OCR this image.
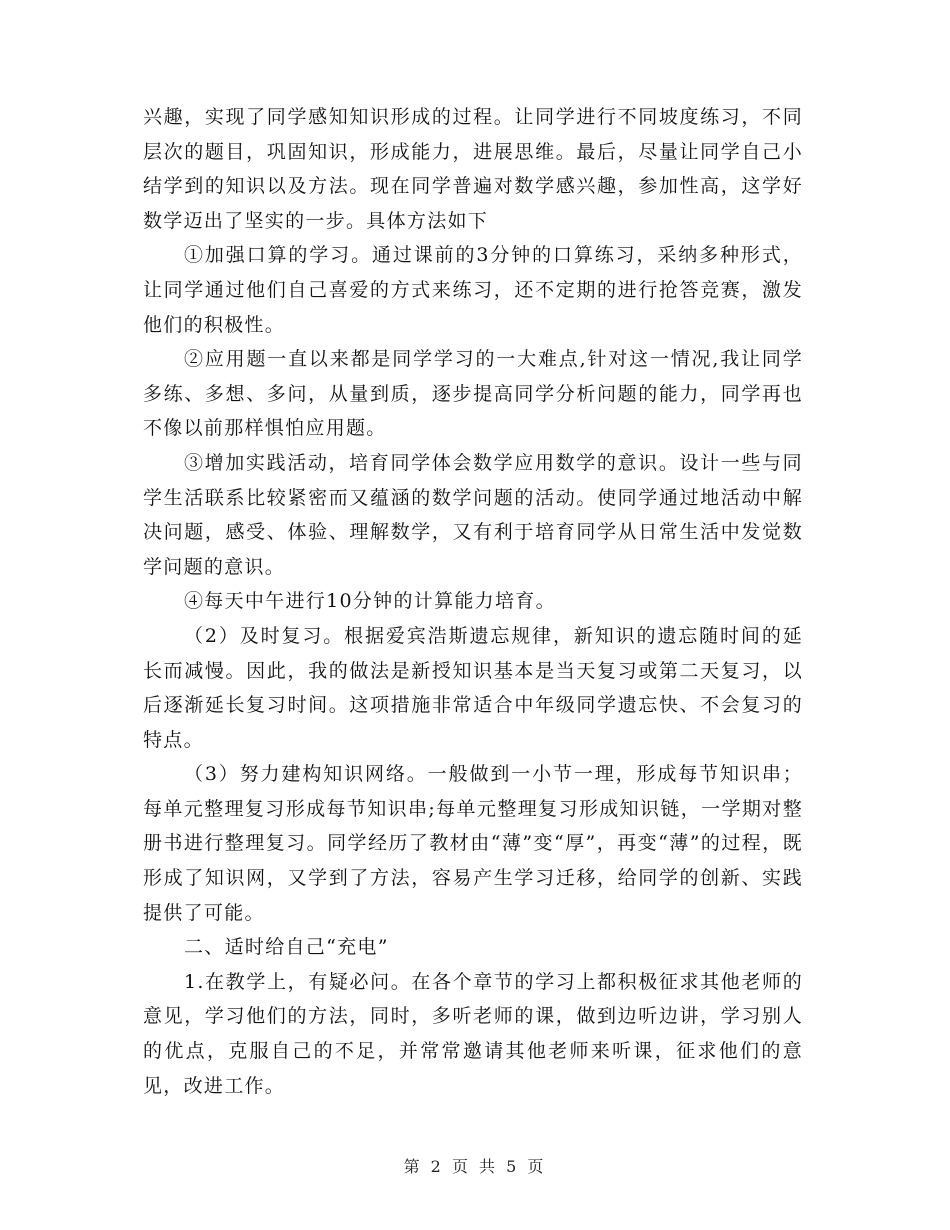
兴趣，实现了同学感知知识形成的过程。让同学进行不同坡度练习，不同层次的题目，巩固知识，形成能力，进展思维。最后，尽量让同学自己小结学到的知识以及方法。现在同学普遍对数学感兴趣，参加性高，这学好数学迈出了坚实的一步。具体方法如下

①加强口算的学习。通过课前的3分钟的口算练习，采纳多种形式，让同学通过他们自己喜爱的方式来练习，还不定期的进行抢答竞赛，激发他们的积极性。

②应用题一直以来都是同学学习的一大难点,针对这一情况,我让同学多练、多想、多问，从量到质，逐步提高同学分析问题的能力，同学再也不像以前那样惧怕应用题。

③增加实践活动，培育同学体会数学应用数学的意识。设计一些与同学生活联系比较紧密而又蕴涵的数学问题的活动。使同学通过地活动中解决问题，感受、体验、理解数学，又有利于培育同学从日常生活中发觉数学问题的意识。

④每天中午进行10分钟的计算能力培育。

（2）及时复习。根据爱宾浩斯遗忘规律，新知识的遗忘随时间的延长而减慢。因此，我的做法是新授知识基本是当天复习或第二天复习，以后逐渐延长复习时间。这项措施非常适合中年级同学遗忘快、不会复习的特点。

（3）努力建构知识网络。一般做到一小节一理，形成每节知识串；每单元整理复习形成每节知识串;每单元整理复习形成知识链，一学期对整册书进行整理复习。同学经历了教材由“薄”变“厚”，再变“薄”的过程，既形成了知识网，又学到了方法，容易产生学习迁移，给同学的创新、实践提供了可能。

二、适时给自己“充电”

1.在教学上，有疑必问。在各个章节的学习上都积极征求其他老师的意见，学习他们的方法，同时，多听老师的课，做到边听边讲，学习别人的优点，克服自己的不足，并常常邀请其他老师来听课，征求他们的意见，改进工作。

第 2 页 共 5 页
